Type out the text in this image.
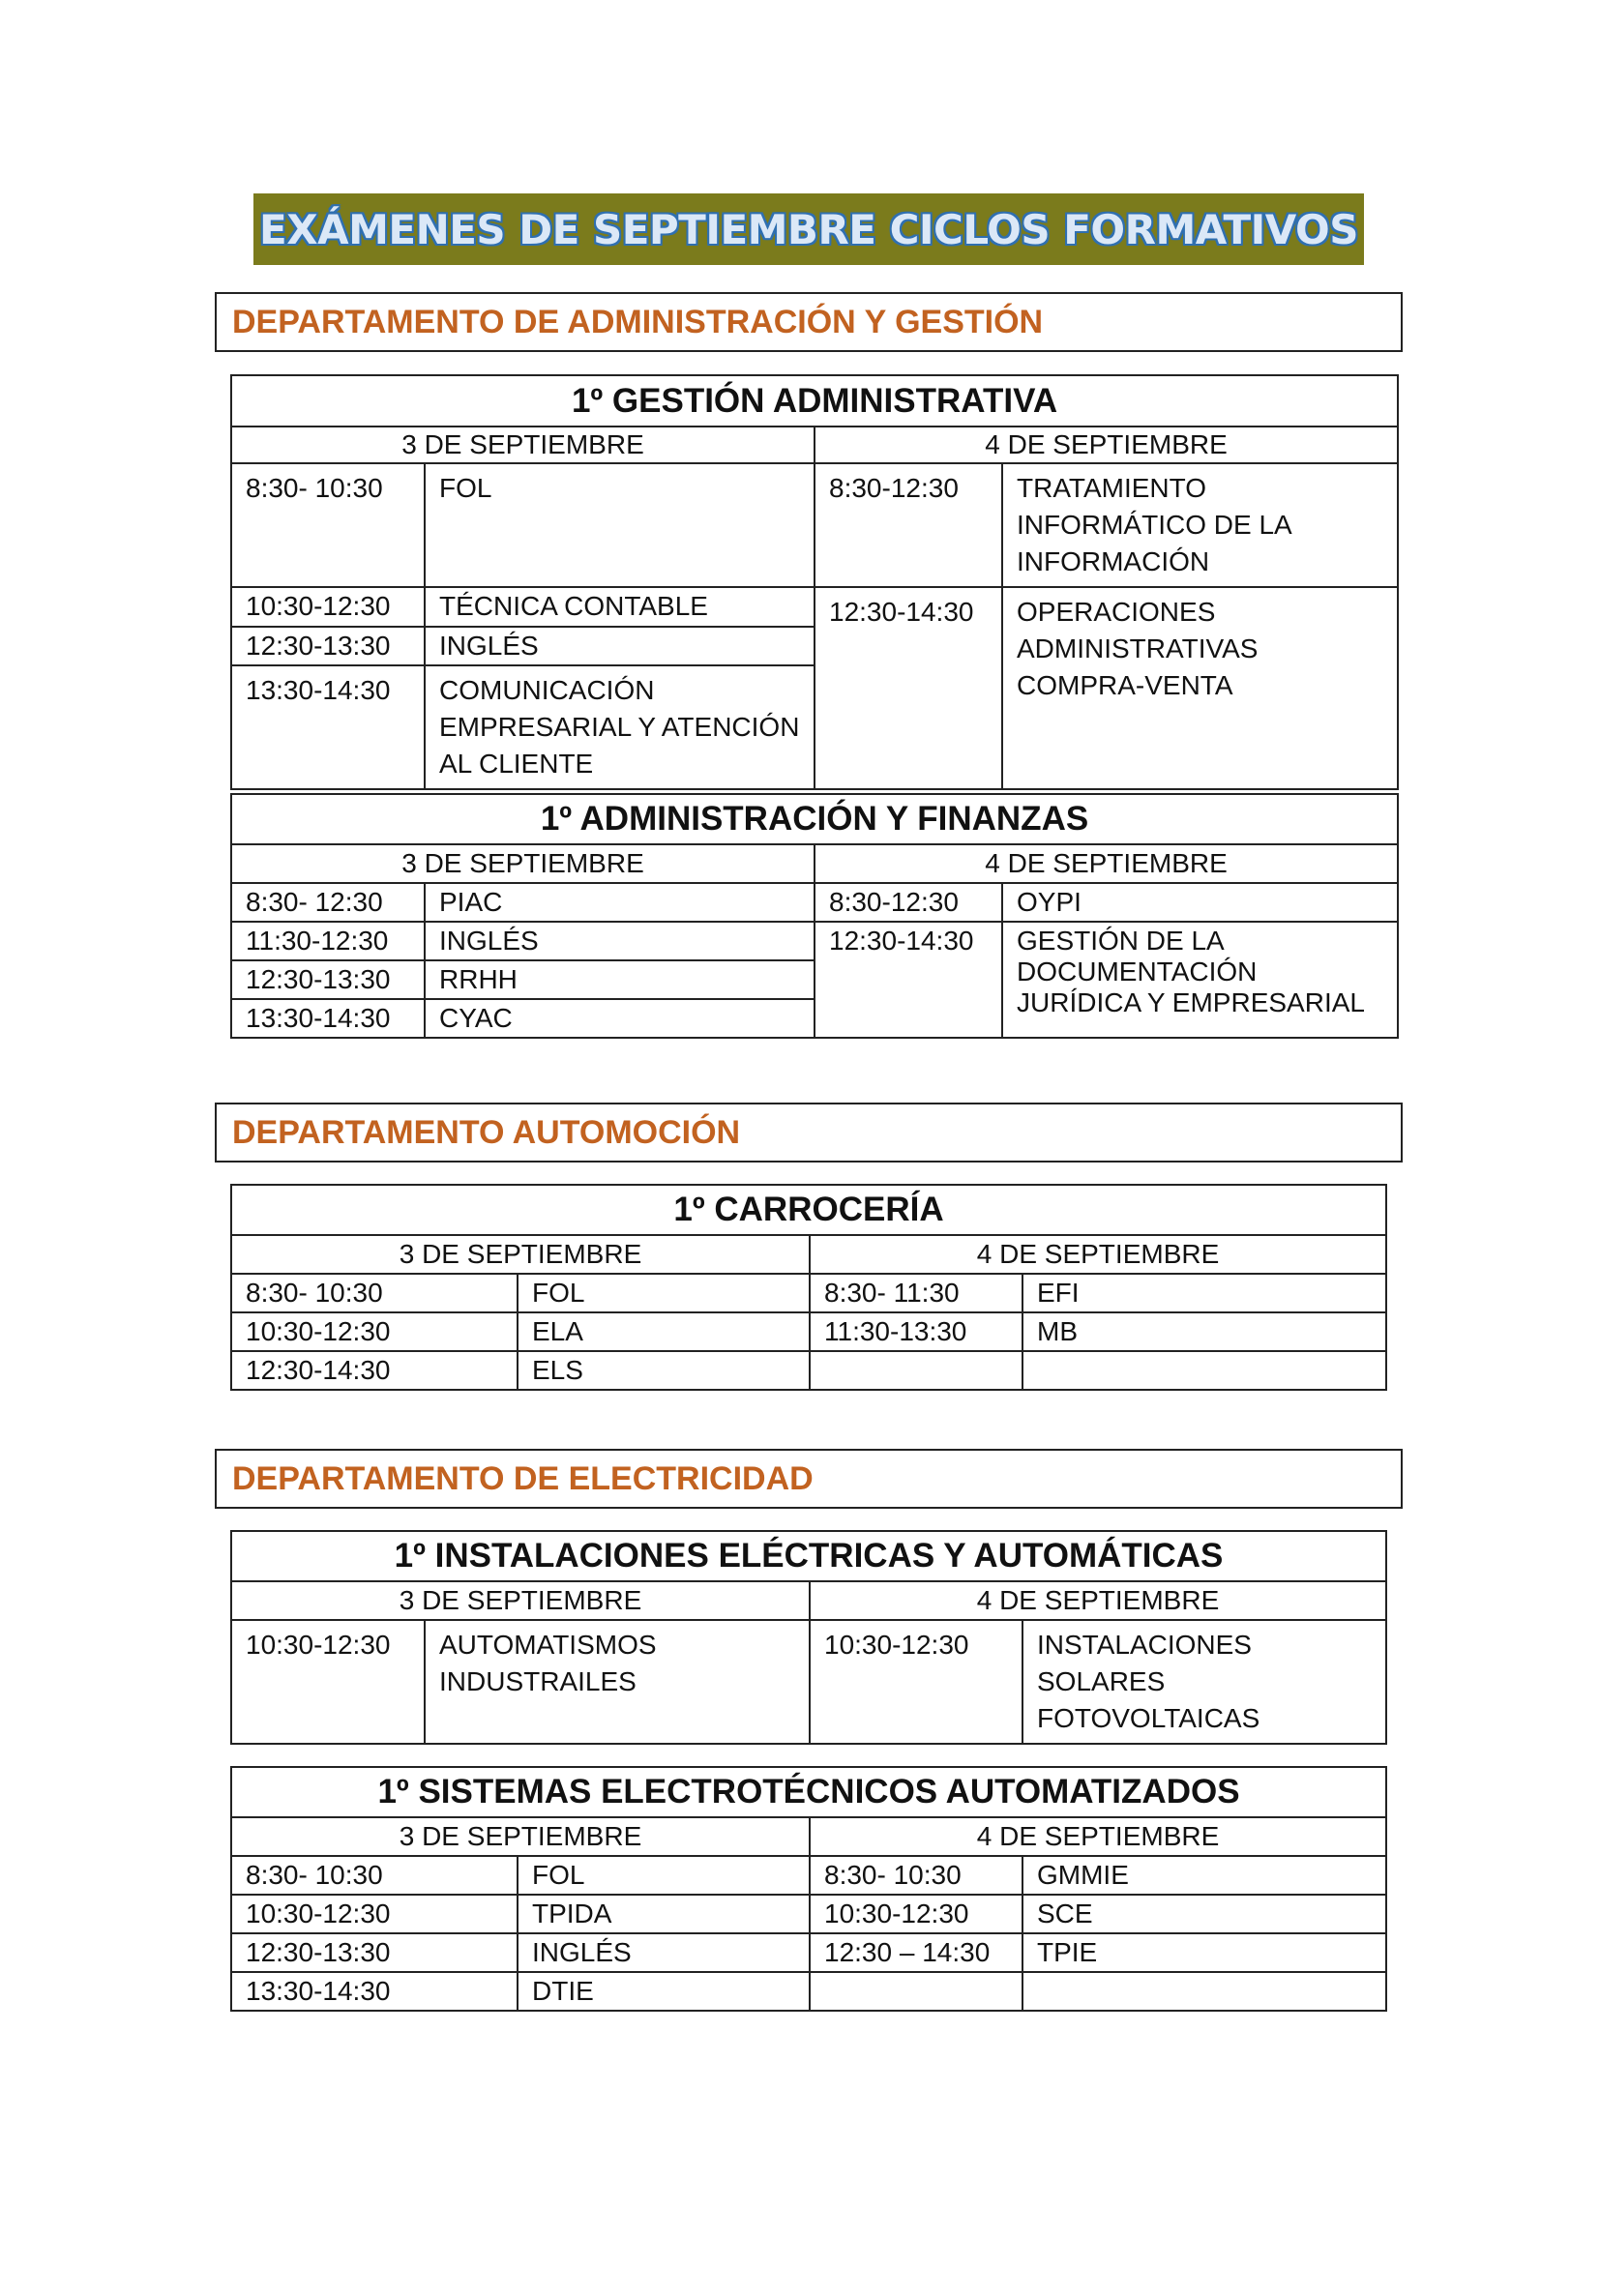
EXÁMENES DE SEPTIEMBRE CICLOS FORMATIVOS
DEPARTAMENTO DE ADMINISTRACIÓN Y GESTIÓN
1º GESTIÓN ADMINISTRATIVA			
3 DE SEPTIEMBRE		4 DE SEPTIEMBRE	
8:30- 10:30	FOL	8:30-12:30	TRATAMIENTO INFORMÁTICO DE LA INFORMACIÓN
10:30-12:30	TÉCNICA CONTABLE	12:30-14:30	OPERACIONES ADMINISTRATIVAS COMPRA-VENTA
12:30-13:30	INGLÉS		
13:30-14:30	COMUNICACIÓN EMPRESARIAL Y ATENCIÓN AL CLIENTE		
1º ADMINISTRACIÓN Y FINANZAS			
3 DE SEPTIEMBRE		4 DE SEPTIEMBRE	
8:30- 12:30	PIAC	8:30-12:30	OYPI
11:30-12:30	INGLÉS	12:30-14:30	GESTIÓN DE LA DOCUMENTACIÓN JURÍDICA Y EMPRESARIAL
12:30-13:30	RRHH		
13:30-14:30	CYAC		
DEPARTAMENTO AUTOMOCIÓN
1º CARROCERÍA			
3 DE SEPTIEMBRE		4 DE SEPTIEMBRE	
8:30- 10:30	FOL	8:30- 11:30	EFI
10:30-12:30	ELA	11:30-13:30	MB
12:30-14:30	ELS		
DEPARTAMENTO DE ELECTRICIDAD
1º INSTALACIONES ELÉCTRICAS Y AUTOMÁTICAS			
3 DE SEPTIEMBRE		4 DE SEPTIEMBRE	
10:30-12:30	AUTOMATISMOS INDUSTRAILES	10:30-12:30	INSTALACIONES SOLARES FOTOVOLTAICAS
1º SISTEMAS ELECTROTÉCNICOS AUTOMATIZADOS			
3 DE SEPTIEMBRE		4 DE SEPTIEMBRE	
8:30- 10:30	FOL	8:30- 10:30	GMMIE
10:30-12:30	TPIDA	10:30-12:30	SCE
12:30-13:30	INGLÉS	12:30 – 14:30	TPIE
13:30-14:30	DTIE		
